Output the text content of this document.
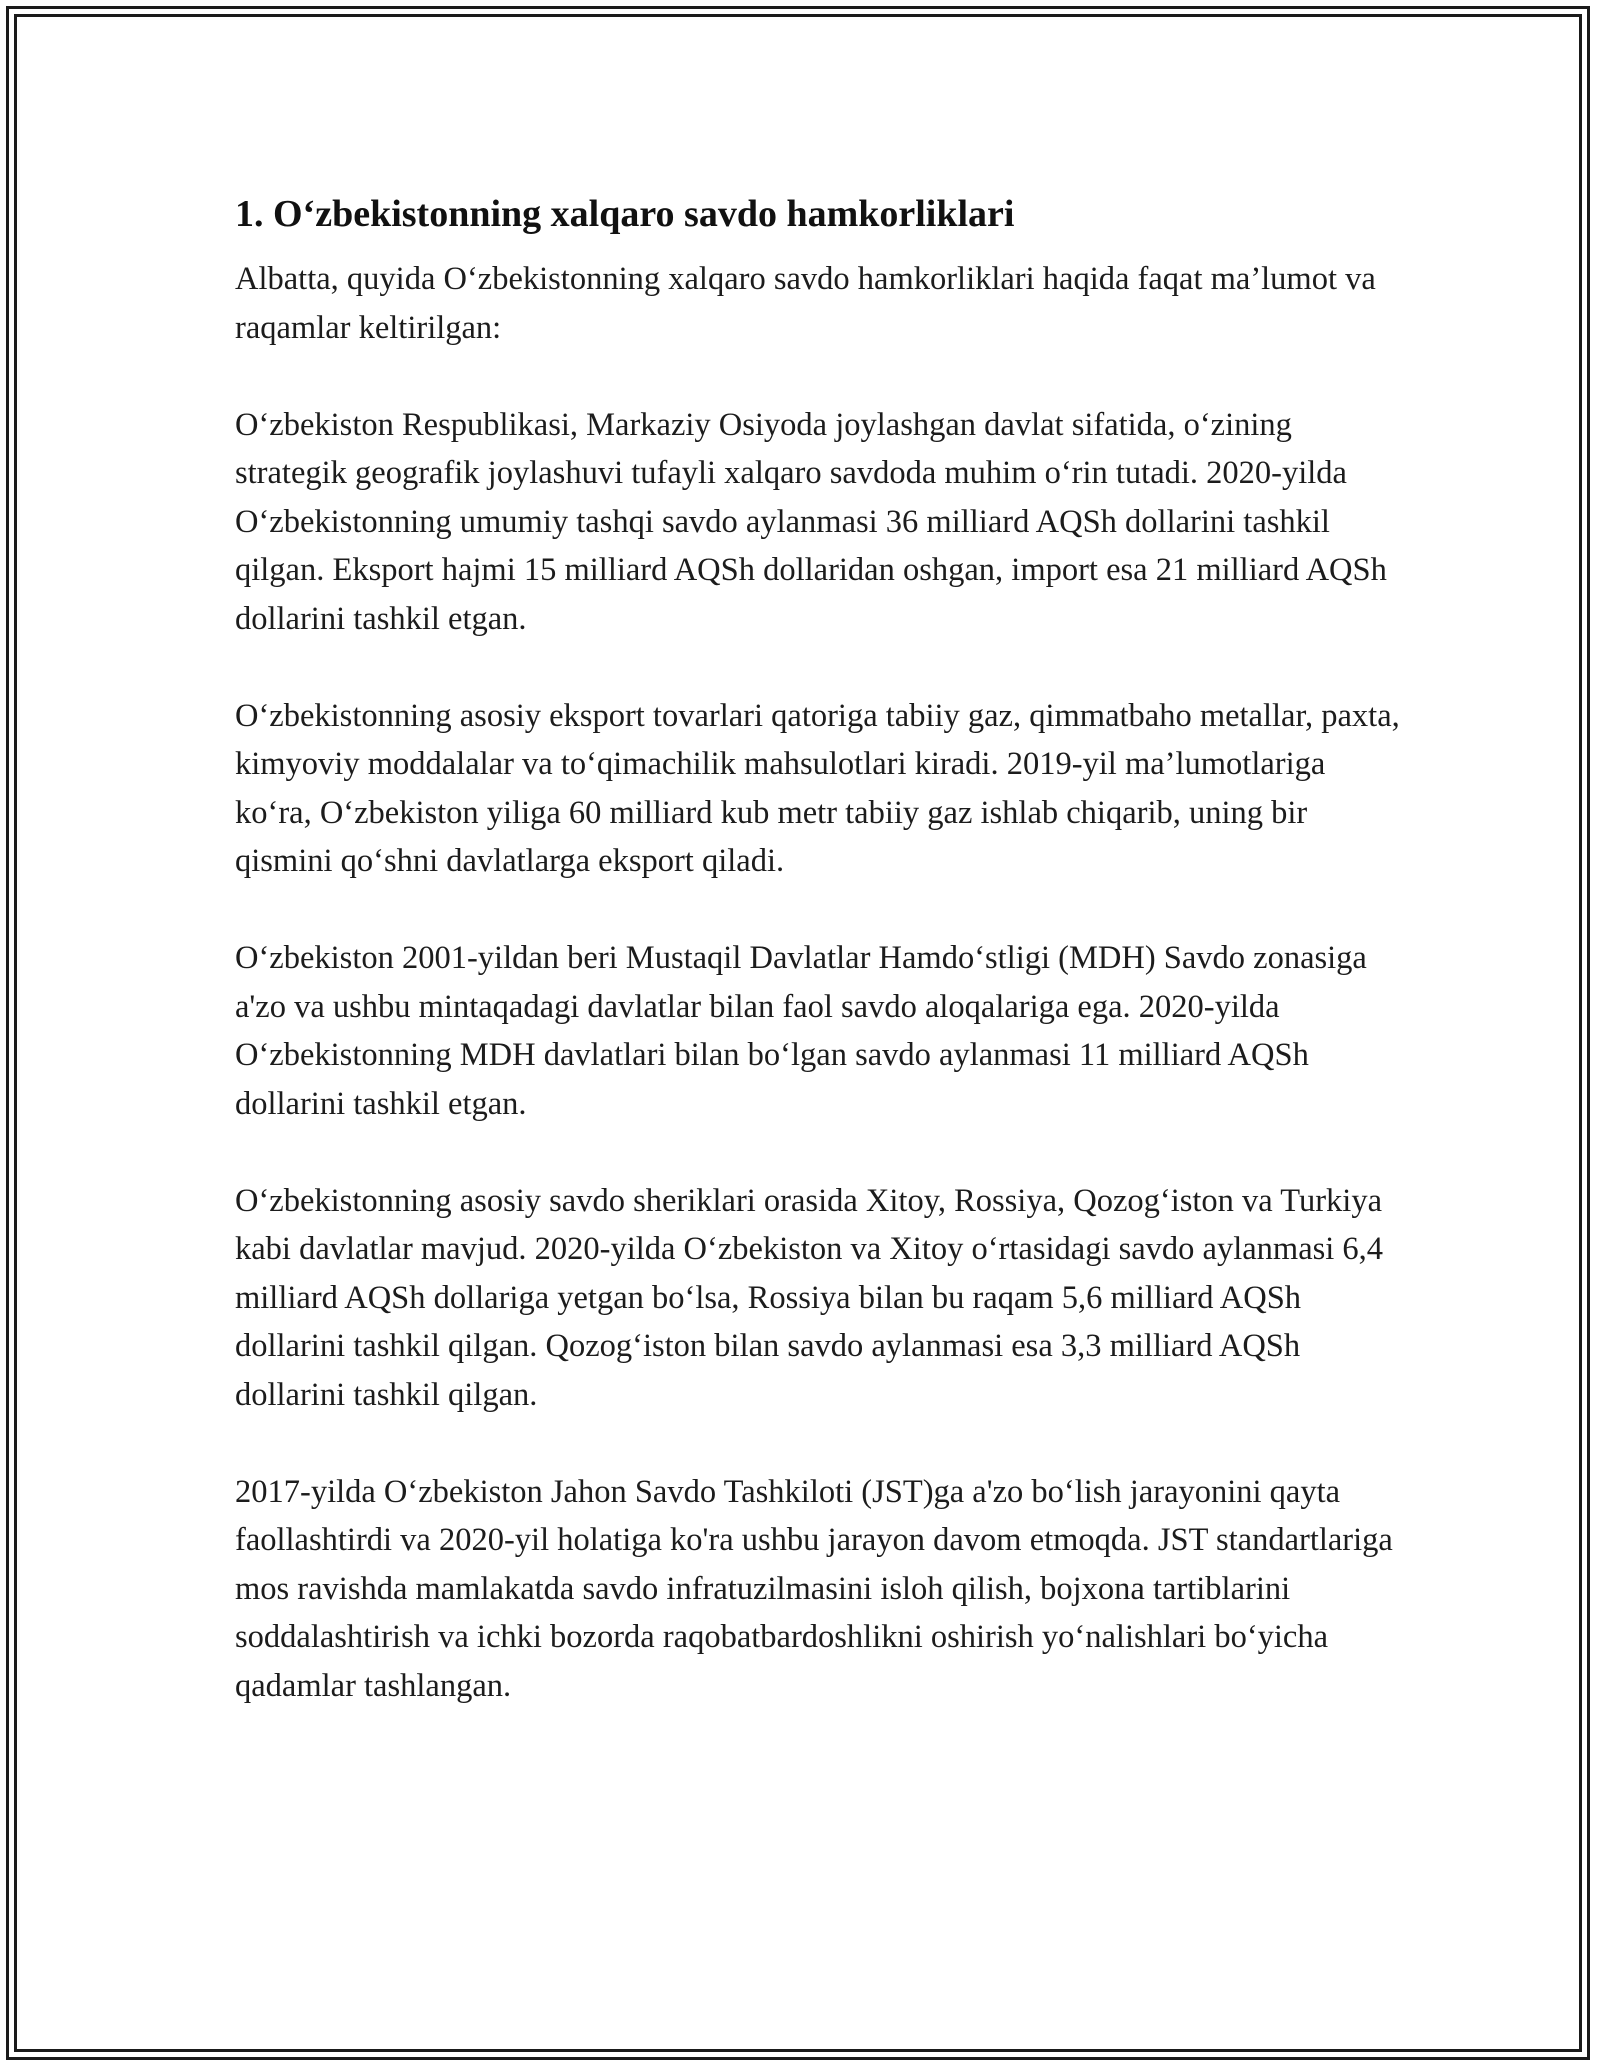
1. O‘zbekistonning xalqaro savdo hamkorliklari

Albatta, quyida O‘zbekistonning xalqaro savdo hamkorliklari haqida faqat ma’lumot va raqamlar keltirilgan:

O‘zbekiston Respublikasi, Markaziy Osiyoda joylashgan davlat sifatida, o‘zining strategik geografik joylashuvi tufayli xalqaro savdoda muhim o‘rin tutadi. 2020-yilda O‘zbekistonning umumiy tashqi savdo aylanmasi 36 milliard AQSh dollarini tashkil qilgan. Eksport hajmi 15 milliard AQSh dollaridan oshgan, import esa 21 milliard AQSh dollarini tashkil etgan.

O‘zbekistonning asosiy eksport tovarlari qatoriga tabiiy gaz, qimmatbaho metallar, paxta, kimyoviy moddalalar va to‘qimachilik mahsulotlari kiradi. 2019-yil ma’lumotlariga ko‘ra, O‘zbekiston yiliga 60 milliard kub metr tabiiy gaz ishlab chiqarib, uning bir qismini qo‘shni davlatlarga eksport qiladi.

O‘zbekiston 2001-yildan beri Mustaqil Davlatlar Hamdo‘stligi (MDH) Savdo zonasiga a'zo va ushbu mintaqadagi davlatlar bilan faol savdo aloqalariga ega. 2020-yilda O‘zbekistonning MDH davlatlari bilan bo‘lgan savdo aylanmasi 11 milliard AQSh dollarini tashkil etgan.

O‘zbekistonning asosiy savdo sheriklari orasida Xitoy, Rossiya, Qozog‘iston va Turkiya kabi davlatlar mavjud. 2020-yilda O‘zbekiston va Xitoy o‘rtasidagi savdo aylanmasi 6,4 milliard AQSh dollariga yetgan bo‘lsa, Rossiya bilan bu raqam 5,6 milliard AQSh dollarini tashkil qilgan. Qozog‘iston bilan savdo aylanmasi esa 3,3 milliard AQSh dollarini tashkil qilgan.

2017-yilda O‘zbekiston Jahon Savdo Tashkiloti (JST)ga a'zo bo‘lish jarayonini qayta faollashtirdi va 2020-yil holatiga ko'ra ushbu jarayon davom etmoqda. JST standartlariga mos ravishda mamlakatda savdo infratuzilmasini isloh qilish, bojxona tartiblarini soddalashtirish va ichki bozorda raqobatbardoshlikni oshirish yo‘nalishlari bo‘yicha qadamlar tashlangan.
